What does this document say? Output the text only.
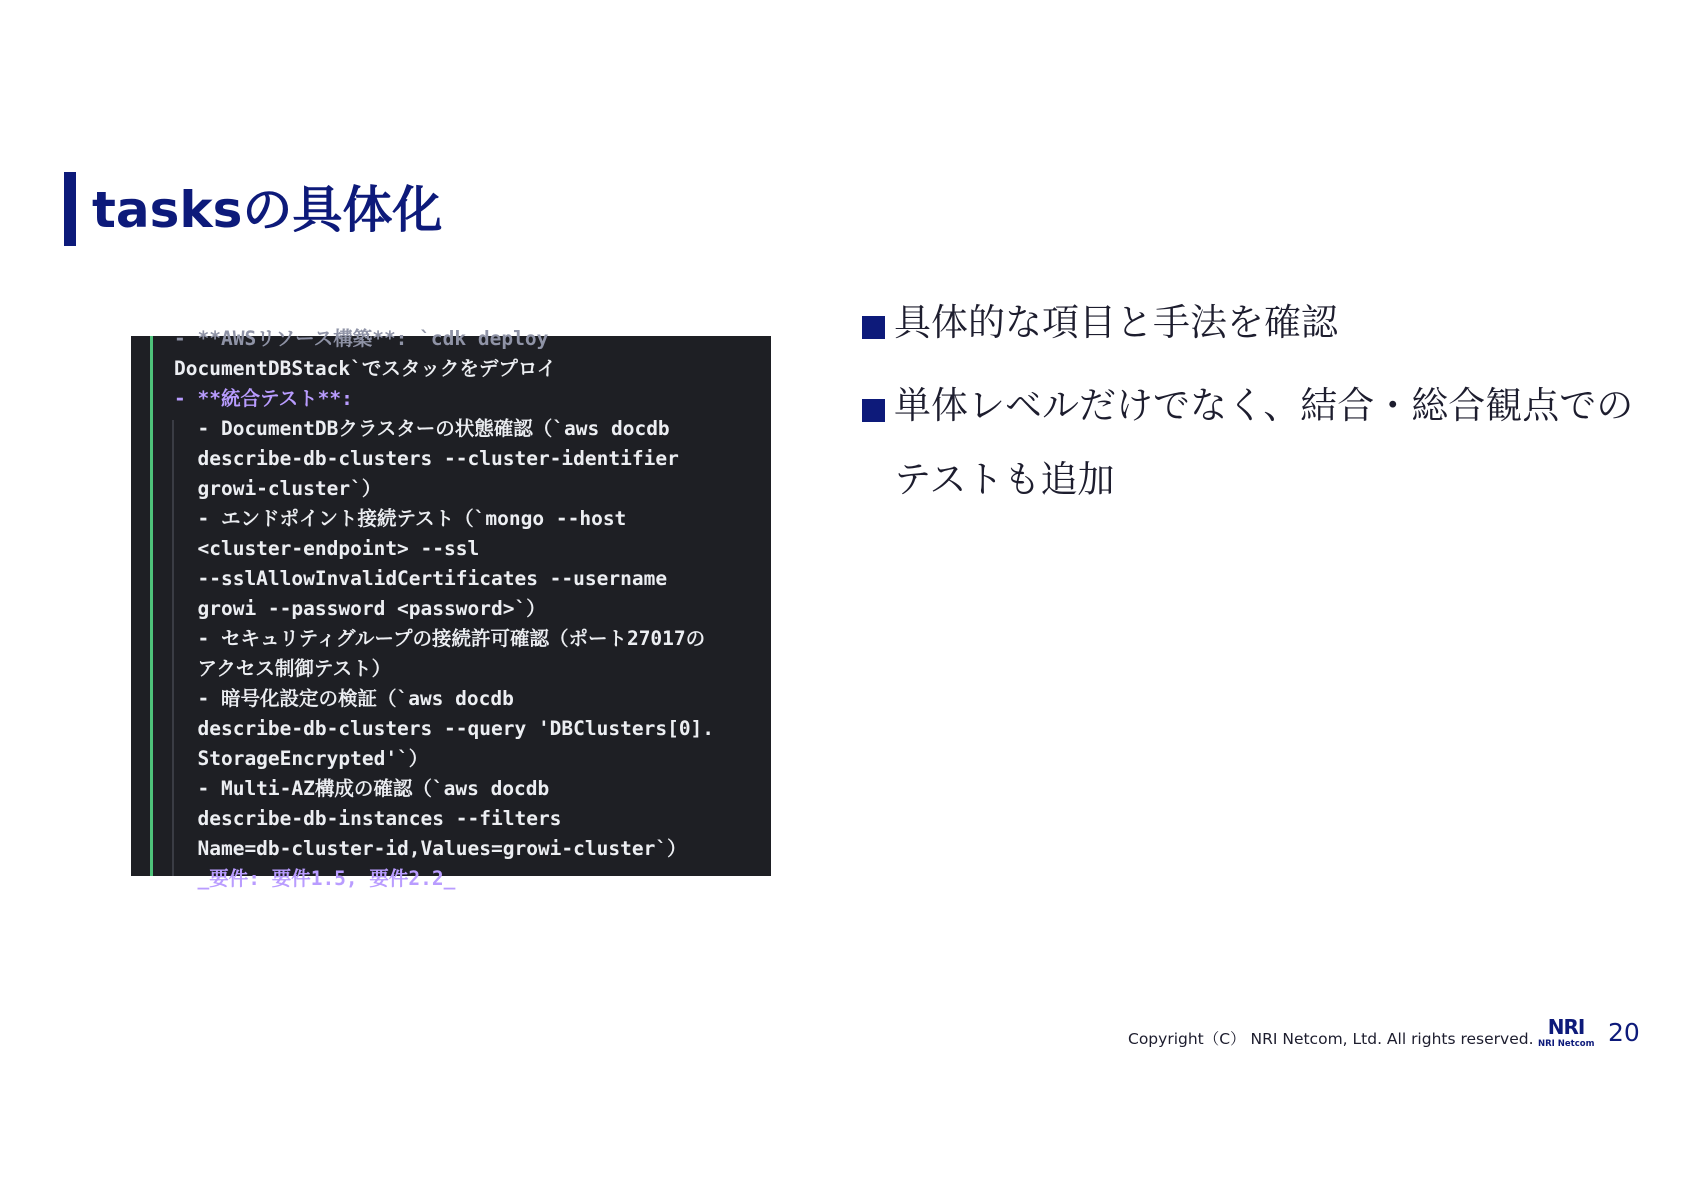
tasksの具体化
- **AWSリソース構築**: `cdk deploy
DocumentDBStack`でスタックをデプロイ
- **統合テスト**:
- DocumentDBクラスターの状態確認（`aws docdb
describe-db-clusters --cluster-identifier
growi-cluster`）
- エンドポイント接続テスト（`mongo --host
<cluster-endpoint> --ssl
--sslAllowInvalidCertificates --username
growi --password <password>`）
- セキュリティグループの接続許可確認（ポート27017の
アクセス制御テスト）
- 暗号化設定の検証（`aws docdb
describe-db-clusters --query 'DBClusters[0].
StorageEncrypted'`）
- Multi-AZ構成の確認（`aws docdb
describe-db-instances --filters
Name=db-cluster-id,Values=growi-cluster`）
_要件: 要件1.5, 要件2.2_
具体的な項目と手法を確認
単体レベルだけでなく、結合・総合観点での
テストも追加
Copyright（C） NRI Netcom, Ltd. All rights reserved. NRI
NRI Netcom 20
